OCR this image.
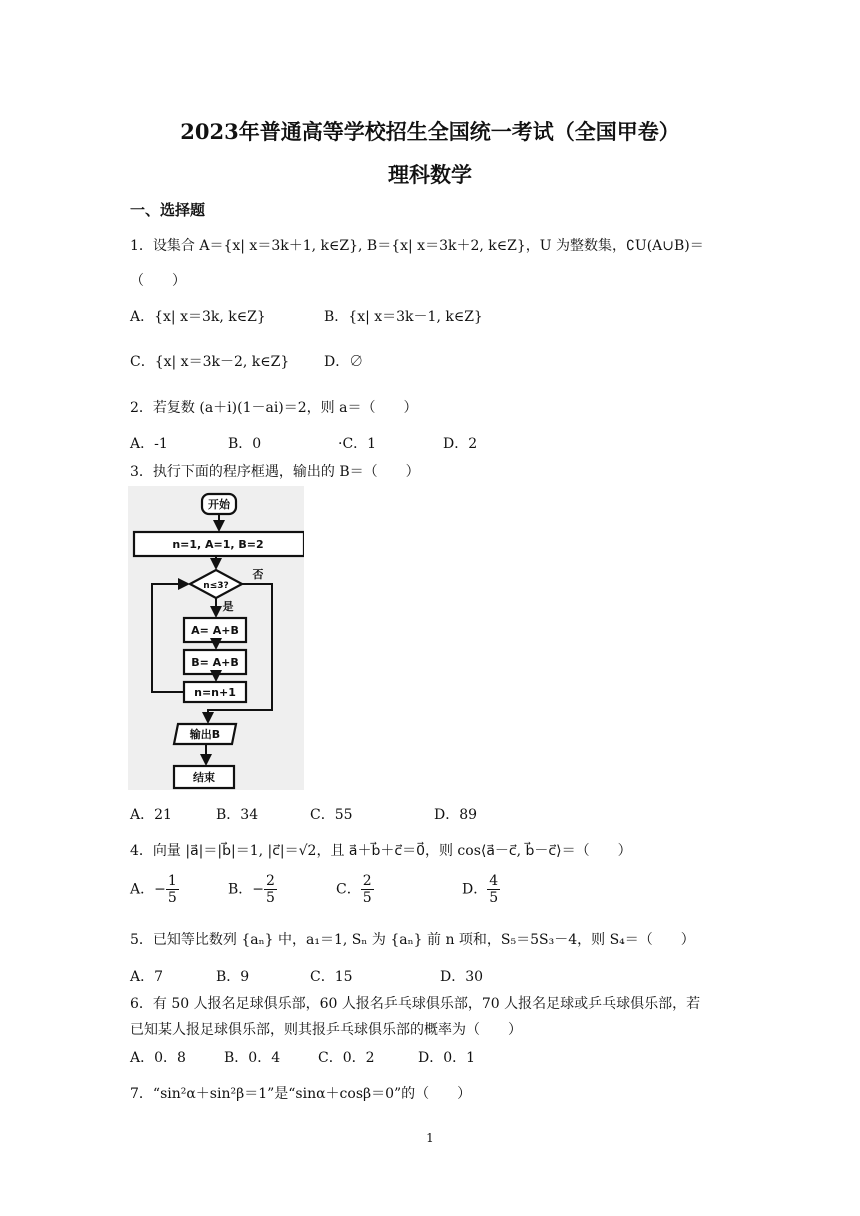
2023年普通高等学校招生全国统一考试（全国甲卷）
理科数学
一、选择题
1．设集合 A＝{x| x＝3k＋1, k∈Z}, B＝{x| x＝3k＋2, k∈Z}，U 为整数集，∁U(A∪B)＝
（　　）
A．{x| x＝3k, k∈Z}	B．{x| x＝3k－1, k∈Z}
C．{x| x＝3k－2, k∈Z} D．∅
2．若复数 (a＋i)(1－ai)＝2，则 a＝（　　）
A．-1	B．0	·C．1	D．2
3．执行下面的程序框遇，输出的 B＝（　　）
开始
n=1, A=1, B=2
n≤3?
否
是
A= A+B
B= A+B
n=n+1
输出B
结束
A．21	B．34	C．55	D．89
4．向量 |a⃗|＝|b⃗|＝1, |c⃗|＝√2，且 a⃗＋b⃗＋c⃗＝0⃗，则 cos⟨a⃗－c⃗, b⃗－c⃗⟩＝（　　）
A．− $\frac{1}{5}$	B．− $\frac{2}{5}$	C． $\frac{2}{5}$	D． $\frac{4}{5}$
5．已知等比数列 {aₙ} 中，a₁＝1, Sₙ 为 {aₙ} 前 n 项和，S₅＝5S₃－4，则 S₄＝（　　）
A．7	B．9	C．15	D．30
6．有 50 人报名足球俱乐部，60 人报名乒乓球俱乐部，70 人报名足球或乒乓球俱乐部，若
已知某人报足球俱乐部，则其报乒乓球俱乐部的概率为（　　）
A．0．8	B．0．4	C．0．2	D．0．1
7．“sin²α＋sin²β＝1”是“sinα＋cosβ＝0”的（　　）
1
